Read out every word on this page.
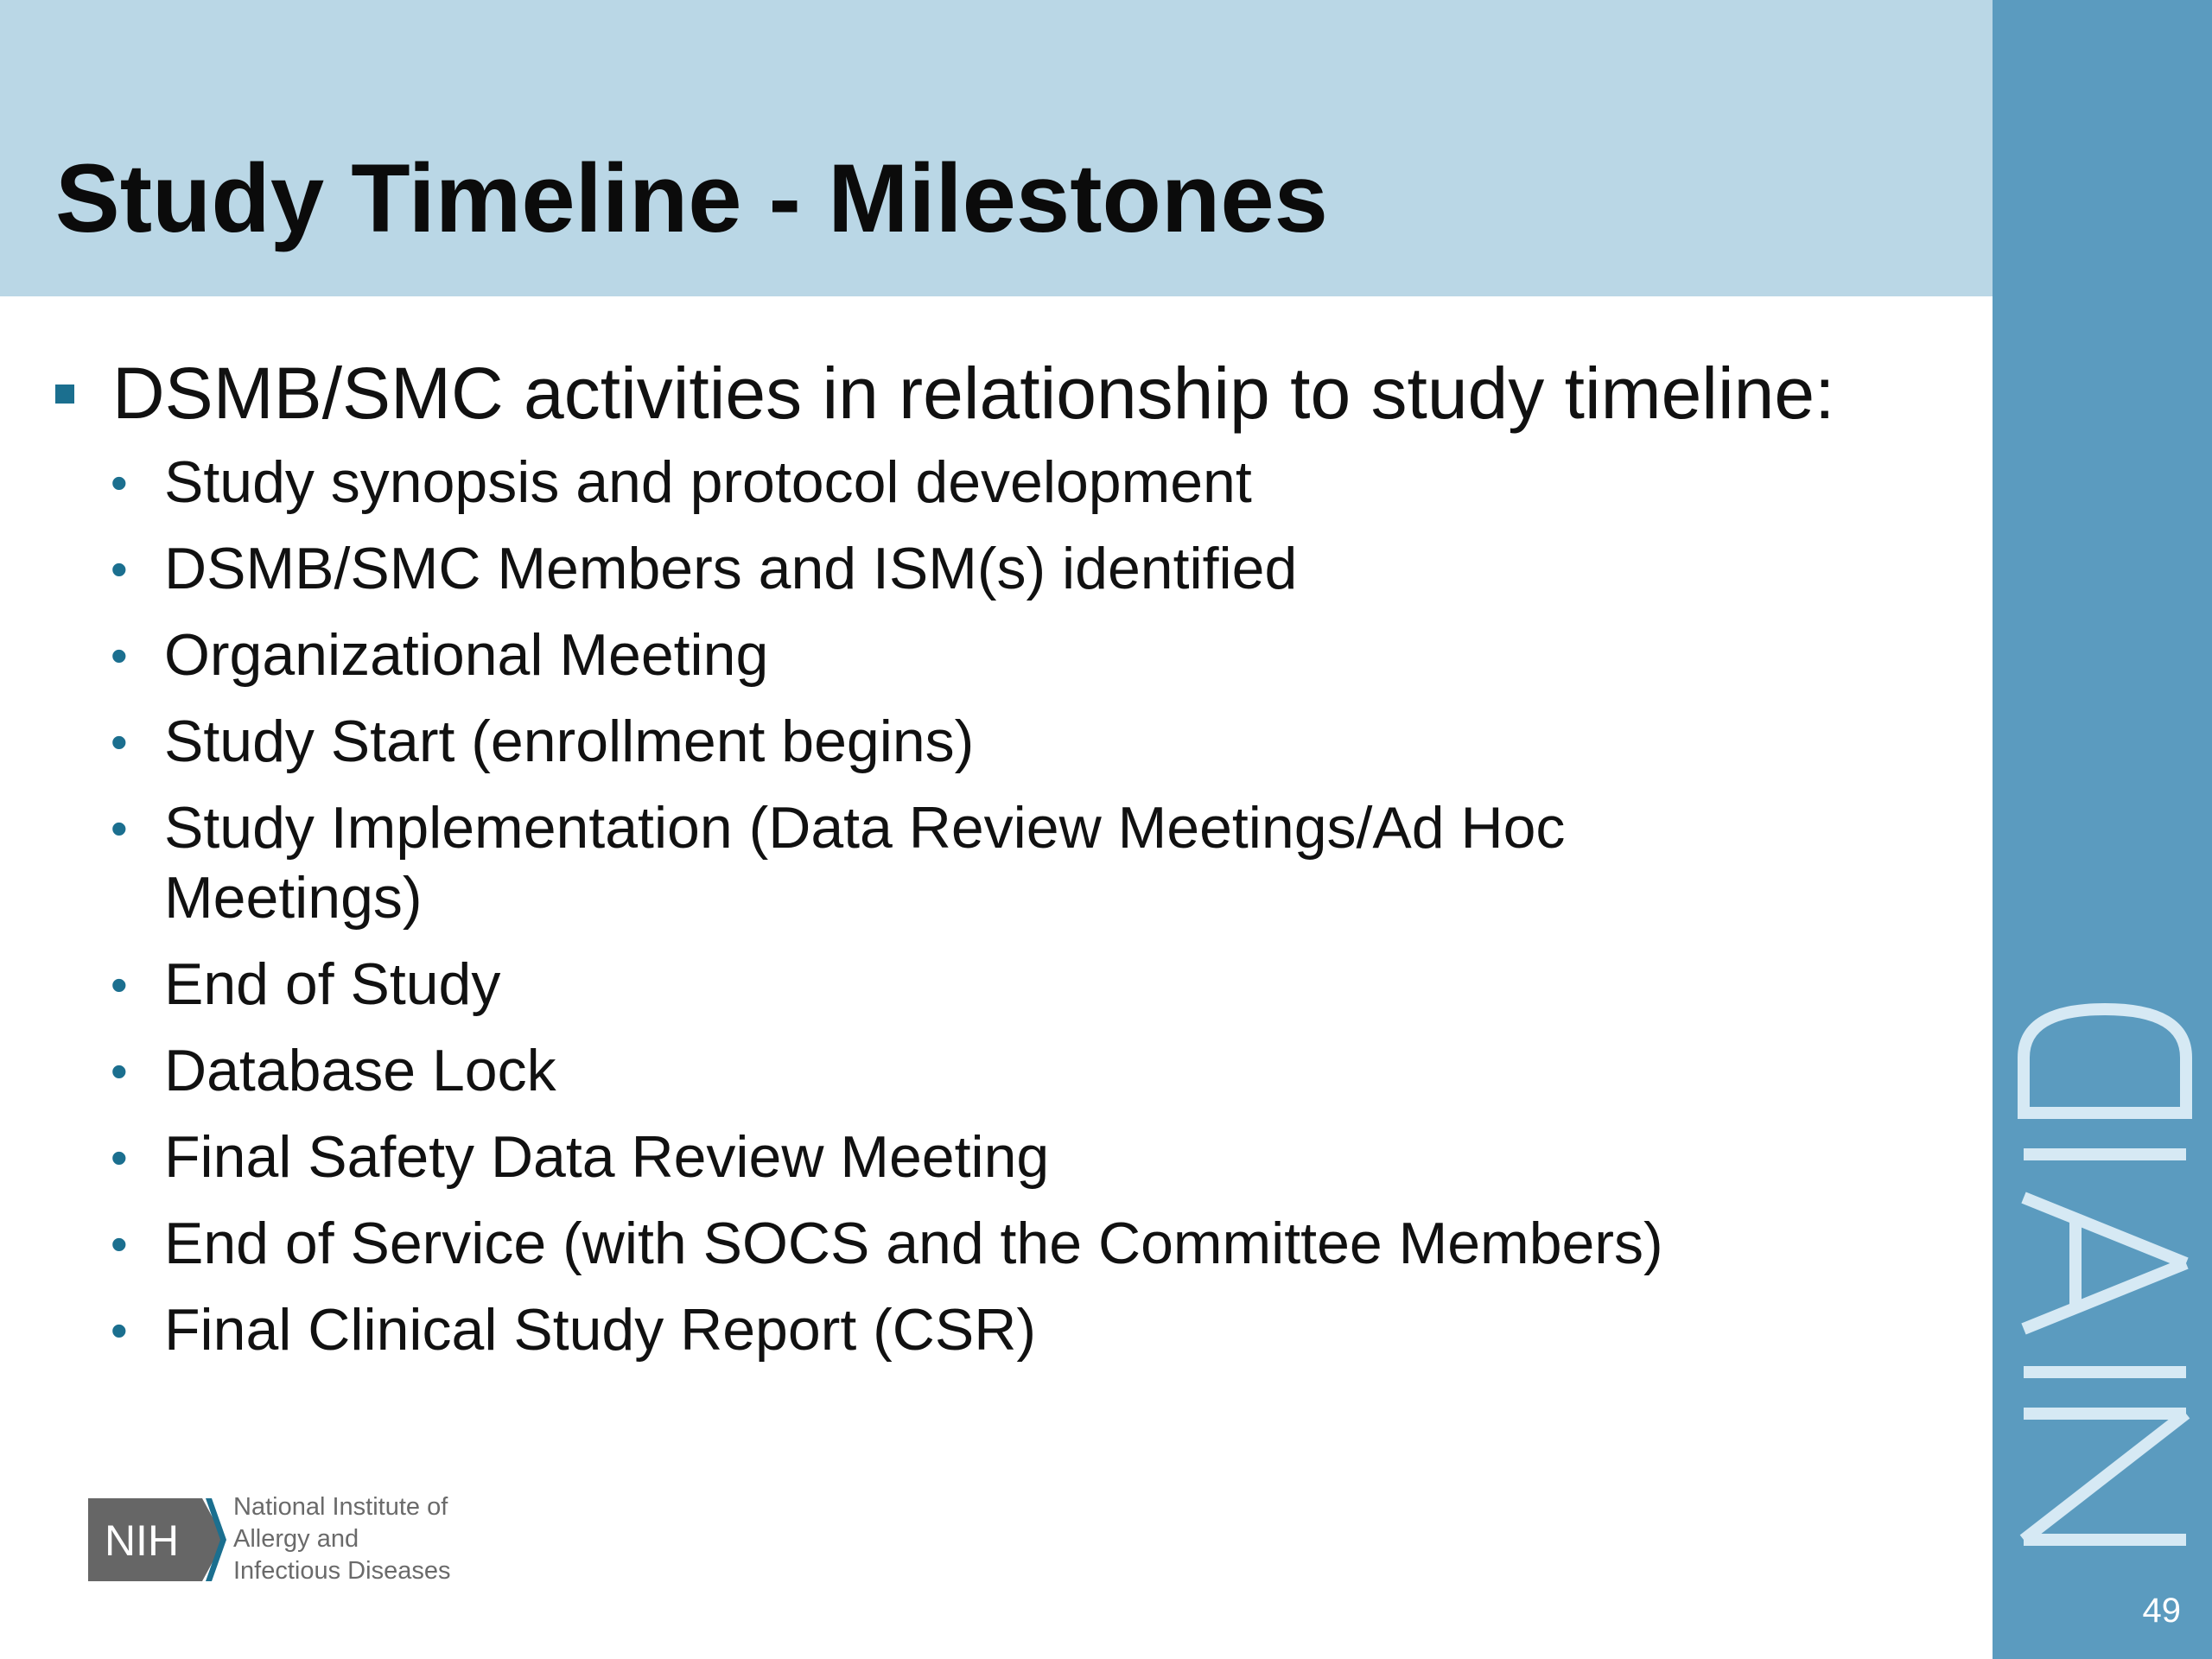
Study Timeline - Milestones
49
DSMB/SMC activities in relationship to study timeline:
• Study synopsis and protocol development
• DSMB/SMC Members and ISM(s) identified
• Organizational Meeting
• Study Start (enrollment begins)
• Study Implementation (Data Review Meetings/Ad Hoc Meetings)
• End of Study
• Database Lock
• Final Safety Data Review Meeting
• End of Service (with SOCS and the Committee Members)
• Final Clinical Study Report (CSR)
NIH
National Institute of
Allergy and
Infectious Diseases
